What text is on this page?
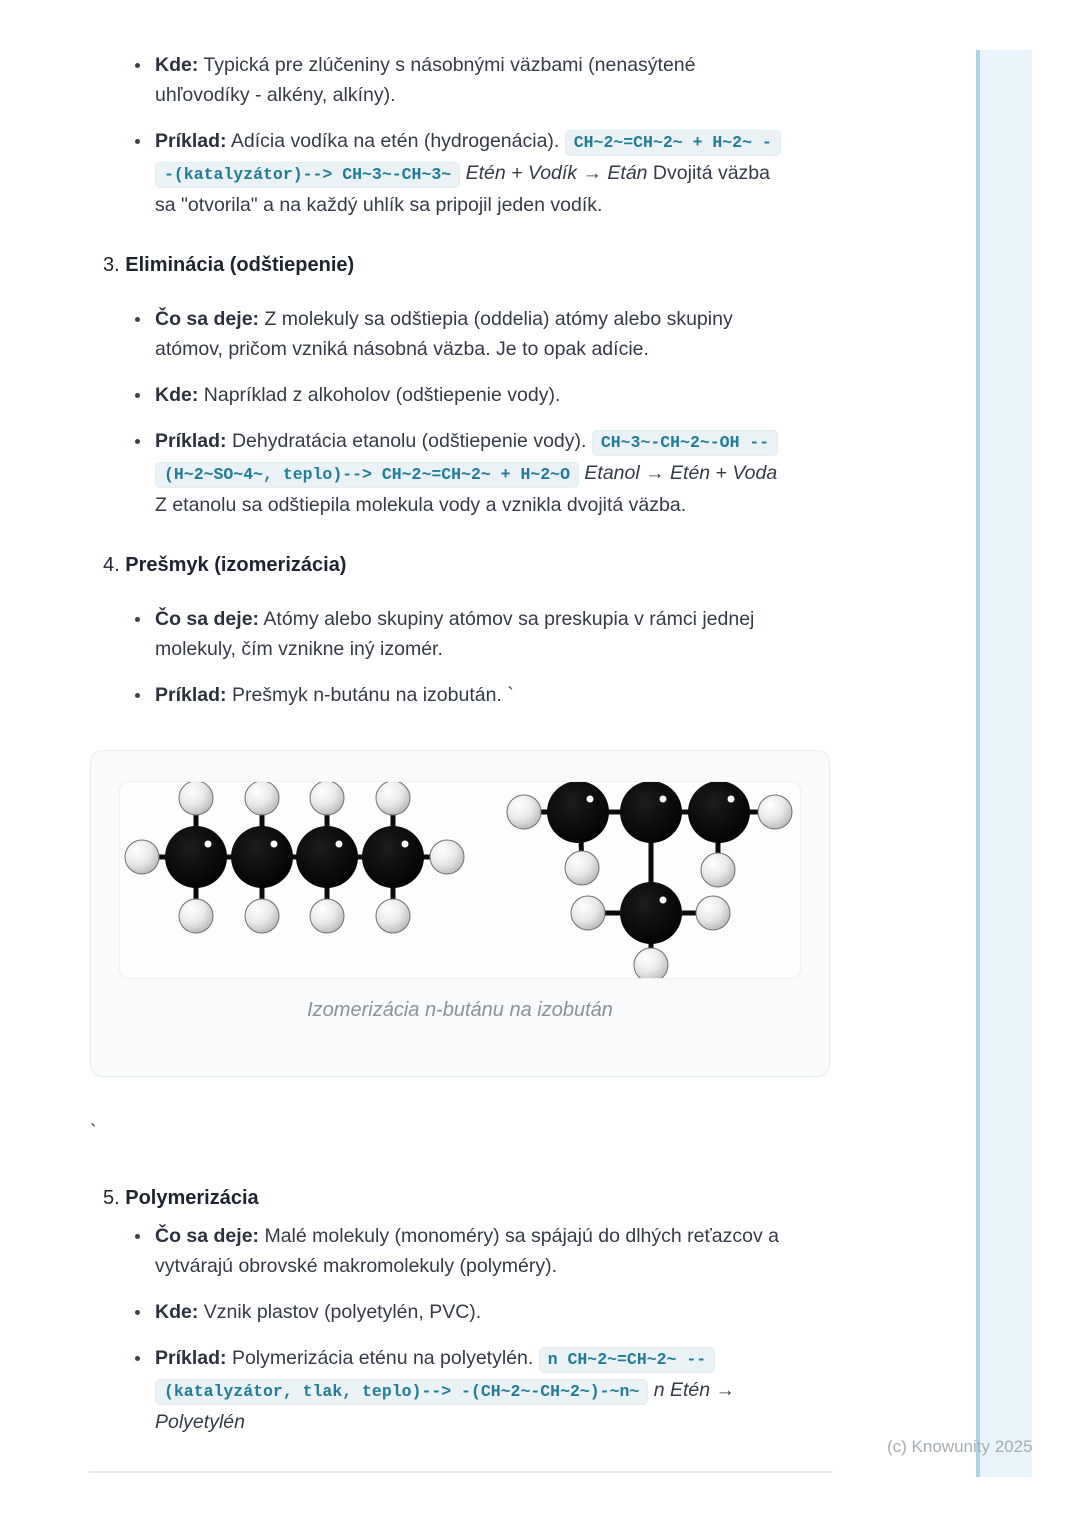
Kde: Typická pre zlúčeniny s násobnými väzbami (nenasýtené
uhľovodíky - alkény, alkíny).
Príklad: Adícia vodíka na etén (hydrogenácia). CH~2~=CH~2~ + H~2~ --(katalyzátor)--> CH~3~-CH~3~ Etén + Vodík → Etán Dvojitá väzba
sa "otvorila" a na každý uhlík sa pripojil jeden vodík.
3. Eliminácia (odštiepenie)
Čo sa deje: Z molekuly sa odštiepia (oddelia) atómy alebo skupiny
atómov, pričom vzniká násobná väzba. Je to opak adície.
Kde: Napríklad z alkoholov (odštiepenie vody).
Príklad: Dehydratácia etanolu (odštiepenie vody). CH~3~-CH~2~-OH --(H~2~SO~4~, teplo)--> CH~2~=CH~2~ + H~2~O Etanol → Etén + Voda
Z etanolu sa odštiepila molekula vody a vznikla dvojitá väzba.
4. Prešmyk (izomerizácia)
Čo sa deje: Atómy alebo skupiny atómov sa preskupia v rámci jednej
molekuly, čím vznikne iný izomér.
Príklad: Prešmyk n-butánu na izobután. `
Izomerizácia n-butánu na izobután
`
5. Polymerizácia
Čo sa deje: Malé molekuly (monoméry) sa spájajú do dlhých reťazcov a
vytvárajú obrovské makromolekuly (polyméry).
Kde: Vznik plastov (polyetylén, PVC).
Príklad: Polymerizácia eténu na polyetylén. n CH~2~=CH~2~ --(katalyzátor, tlak, teplo)--> -(CH~2~-CH~2~)-~n~ n Etén →
Polyetylén
(c) Knowunity 2025
